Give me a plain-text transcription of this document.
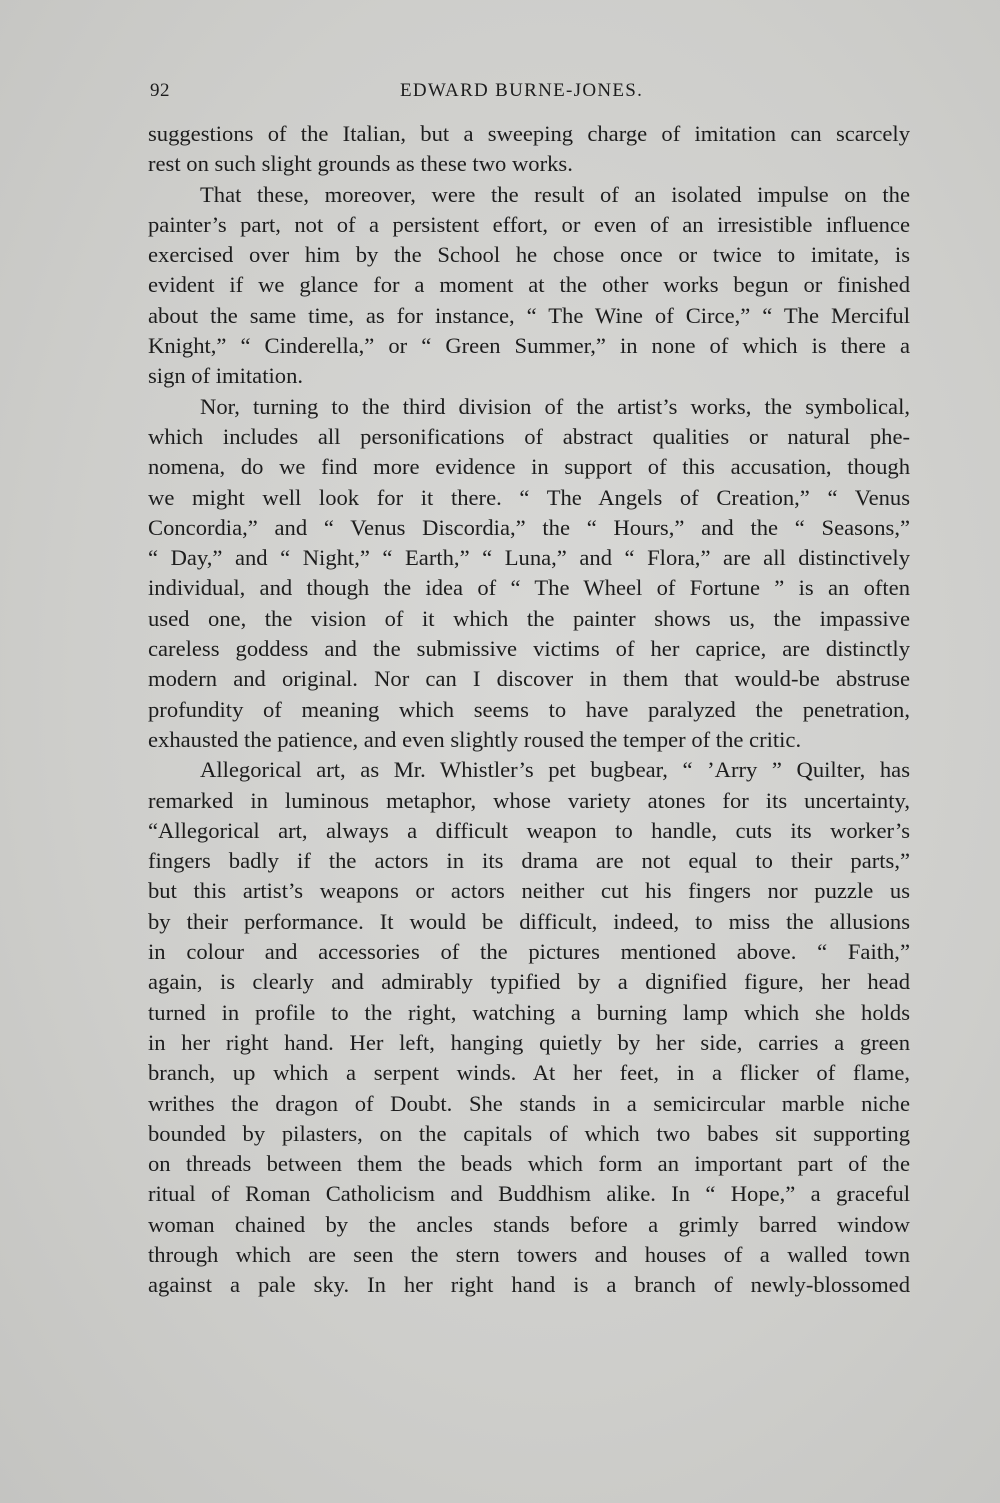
92	EDWARD BURNE-JONES.
suggestions of the Italian, but a sweeping charge of imitation can scarcely
rest on such slight grounds as these two works.
That these, moreover, were the result of an isolated impulse on the
painter’s part, not of a persistent effort, or even of an irresistible influence
exercised over him by the School he chose once or twice to imitate, is
evident if we glance for a moment at the other works begun or finished
about the same time, as for instance, “ The Wine of Circe,” “ The Merciful
Knight,” “ Cinderella,” or “ Green Summer,” in none of which is there a
sign of imitation.
Nor, turning to the third division of the artist’s works, the symbolical,
which includes all personifications of abstract qualities or natural phe-
nomena, do we find more evidence in support of this accusation, though
we might well look for it there. “ The Angels of Creation,” “ Venus
Concordia,” and “ Venus Discordia,” the “ Hours,” and the “ Seasons,”
“ Day,” and “ Night,” “ Earth,” “ Luna,” and “ Flora,” are all distinctively
individual, and though the idea of “ The Wheel of Fortune ” is an often
used one, the vision of it which the painter shows us, the impassive
careless goddess and the submissive victims of her caprice, are distinctly
modern and original. Nor can I discover in them that would-be abstruse
profundity of meaning which seems to have paralyzed the penetration,
exhausted the patience, and even slightly roused the temper of the critic.
Allegorical art, as Mr. Whistler’s pet bugbear, “ ’Arry ” Quilter, has
remarked in luminous metaphor, whose variety atones for its uncertainty,
“Allegorical art, always a difficult weapon to handle, cuts its worker’s
fingers badly if the actors in its drama are not equal to their parts,”
but this artist’s weapons or actors neither cut his fingers nor puzzle us
by their performance. It would be difficult, indeed, to miss the allusions
in colour and accessories of the pictures mentioned above. “ Faith,”
again, is clearly and admirably typified by a dignified figure, her head
turned in profile to the right, watching a burning lamp which she holds
in her right hand. Her left, hanging quietly by her side, carries a green
branch, up which a serpent winds. At her feet, in a flicker of flame,
writhes the dragon of Doubt. She stands in a semicircular marble niche
bounded by pilasters, on the capitals of which two babes sit supporting
on threads between them the beads which form an important part of the
ritual of Roman Catholicism and Buddhism alike. In “ Hope,” a graceful
woman chained by the ancles stands before a grimly barred window
through which are seen the stern towers and houses of a walled town
against a pale sky. In her right hand is a branch of newly-blossomed
